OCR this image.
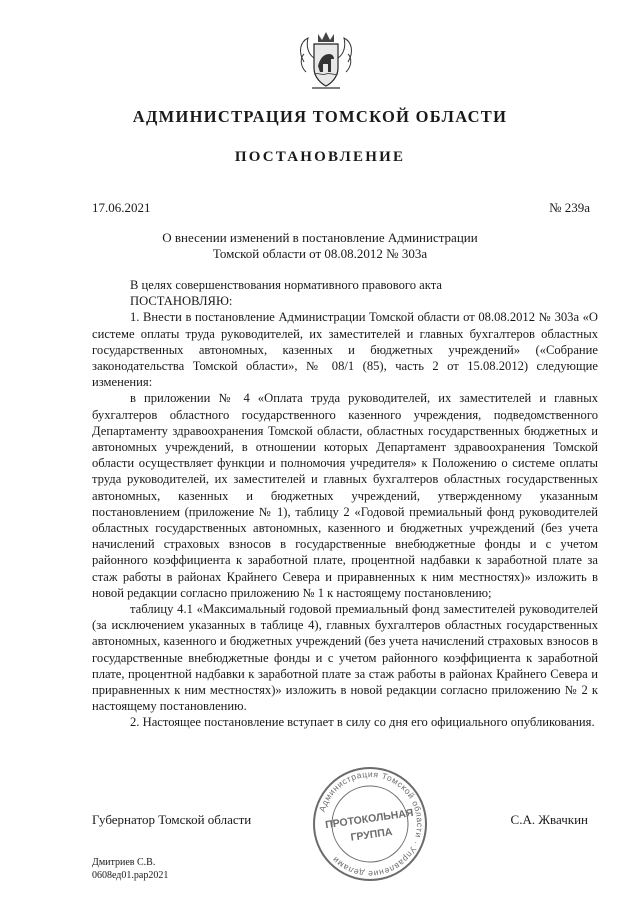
АДМИНИСТРАЦИЯ ТОМСКОЙ ОБЛАСТИ
ПОСТАНОВЛЕНИЕ
17.06.2021	№ 239а
О внесении изменений в постановление Администрации
Томской области от 08.08.2012 № 303а

В целях совершенствования нормативного правового акта

ПОСТАНОВЛЯЮ:

1. Внести в постановление Администрации Томской области от 08.08.2012 № 303а «О системе оплаты труда руководителей, их заместителей и главных бухгалтеров областных государственных автономных, казенных и бюджетных учреждений» («Собрание законодательства Томской области», № 08/1 (85), часть 2 от 15.08.2012) следующие изменения:

в приложении № 4 «Оплата труда руководителей, их заместителей и главных бухгалтеров областного государственного казенного учреждения, подведомственного Департаменту здравоохранения Томской области, областных государственных бюджетных и автономных учреждений, в отношении которых Департамент здравоохранения Томской области осуществляет функции и полномочия учредителя» к Положению о системе оплаты труда руководителей, их заместителей и главных бухгалтеров областных государственных автономных, казенных и бюджетных учреждений, утвержденному указанным постановлением (приложение № 1), таблицу 2 «Годовой премиальный фонд руководителей областных государственных автономных, казенного и бюджетных учреждений (без учета начислений страховых взносов в государственные внебюджетные фонды и с учетом районного коэффициента к заработной плате, процентной надбавки к заработной плате за стаж работы в районах Крайнего Севера и приравненных к ним местностях)» изложить в новой редакции согласно приложению № 1 к настоящему постановлению;

таблицу 4.1 «Максимальный годовой премиальный фонд заместителей руководителей (за исключением указанных в таблице 4), главных бухгалтеров областных государственных автономных, казенного и бюджетных учреждений (без учета начислений страховых взносов в государственные внебюджетные фонды и с учетом районного коэффициента к заработной плате, процентной надбавки к заработной плате за стаж работы в районах Крайнего Севера и приравненных к ним местностях)» изложить в новой редакции согласно приложению № 2 к настоящему постановлению.

2. Настоящее постановление вступает в силу со дня его официального опубликования.

Администрация Томской области · Управление делами
ПРОТОКОЛЬНАЯ
ГРУППА
Губернатор Томской области	С.А. Жвачкин
Дмитриев С.В.
0608ед01.рар2021
